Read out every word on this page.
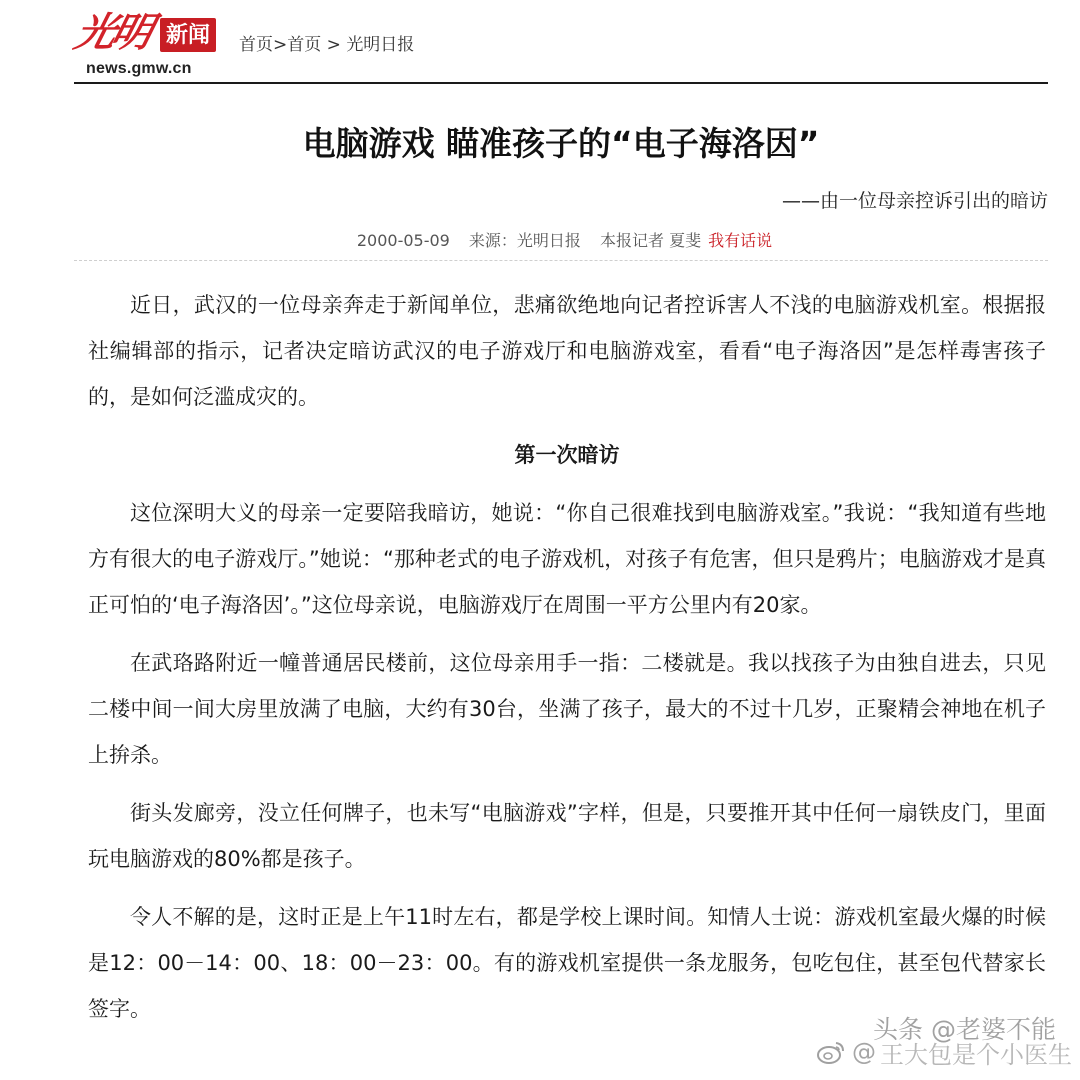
光明 新闻
news.gmw.cn
首页>首页 > 光明日报
电脑游戏 瞄准孩子的“电子海洛因”
——由一位母亲控诉引出的暗访
2000-05-09 来源：光明日报 本报记者 夏斐 我有话说

近日，武汉的一位母亲奔走于新闻单位，悲痛欲绝地向记者控诉害人不浅的电脑游戏机室。根据报社编辑部的指示，记者决定暗访武汉的电子游戏厅和电脑游戏室，看看“电子海洛因”是怎样毒害孩子的，是如何泛滥成灾的。

第一次暗访

这位深明大义的母亲一定要陪我暗访，她说：“你自己很难找到电脑游戏室。”我说：“我知道有些地方有很大的电子游戏厅。”她说：“那种老式的电子游戏机，对孩子有危害，但只是鸦片；电脑游戏才是真正可怕的‘电子海洛因’。”这位母亲说，电脑游戏厅在周围一平方公里内有20家。

在武珞路附近一幢普通居民楼前，这位母亲用手一指：二楼就是。我以找孩子为由独自进去，只见二楼中间一间大房里放满了电脑，大约有30台，坐满了孩子，最大的不过十几岁，正聚精会神地在机子上拚杀。

街头发廊旁，没立任何牌子，也未写“电脑游戏”字样，但是，只要推开其中任何一扇铁皮门，里面玩电脑游戏的80%都是孩子。

令人不解的是，这时正是上午11时左右，都是学校上课时间。知情人士说：游戏机室最火爆的时候是12：00－14：00、18：00－23：00。有的游戏机室提供一条龙服务，包吃包住，甚至包代替家长签字。

头条 @老婆不能
@ 王大包是个小医生
